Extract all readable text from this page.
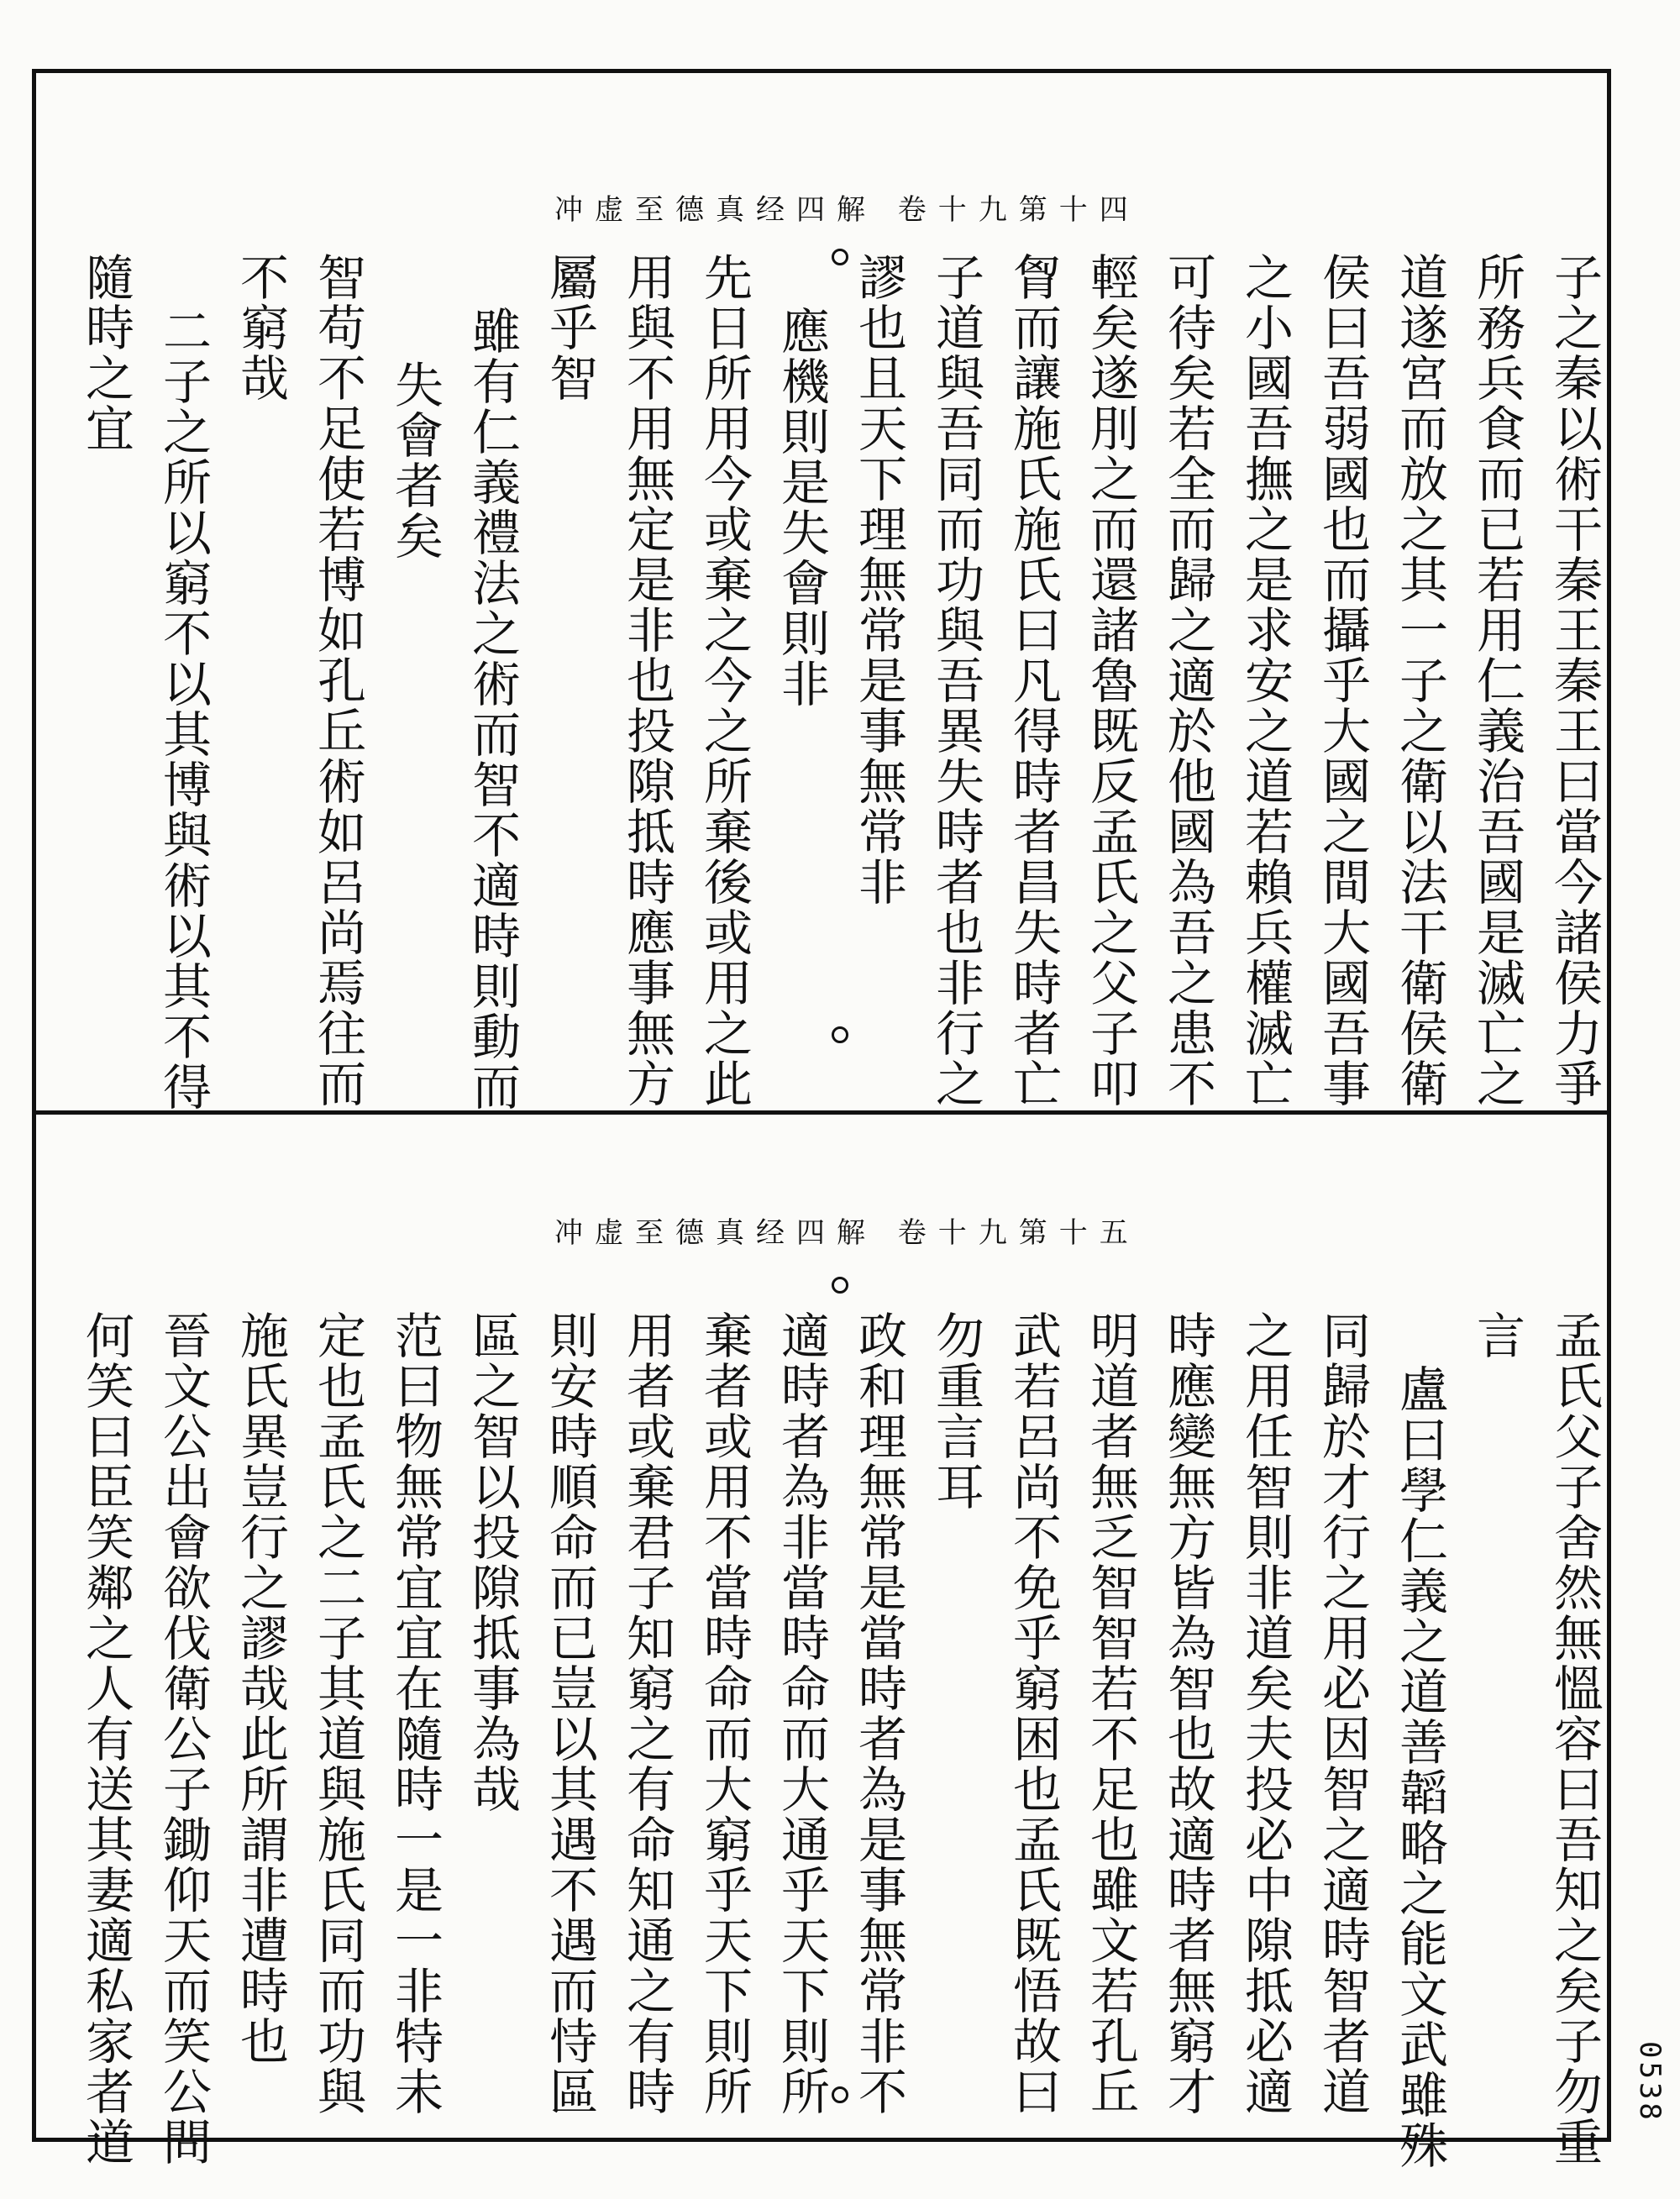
冲虚至德真经四解 卷十九第十四
子之秦以術干秦王秦王曰當今諸侯力爭
所務兵食而已若用仁義治吾國是滅亡之
道遂宮而放之其一子之衛以法干衛侯衛
侯曰吾弱國也而攝乎大國之間大國吾事
之小國吾撫之是求安之道若賴兵權滅亡
可待矣若全而歸之適於他國為吾之患不
輕矣遂刖之而還諸魯既反孟氏之父子叩
胷而讓施氏施氏曰凡得時者昌失時者亡
子道與吾同而功與吾異失時者也非行之
謬也且天下理無常是事無常非
應機則是失會則非
先日所用今或棄之今之所棄後或用之此
用與不用無定是非也投隙抵時應事無方
屬乎智
雖有仁義禮法之術而智不適時則動而
失會者矣
智苟不足使若博如孔丘術如呂尚焉往而
不窮哉
二子之所以窮不以其博與術以其不得
隨時之宜
冲虚至德真经四解 卷十九第十五
孟氏父子舍然無慍容曰吾知之矣子勿重
言
盧曰學仁義之道善韜略之能文武雖殊
同歸於才行之用必因智之適時智者道
之用任智則非道矣夫投必中隙抵必適
時應變無方皆為智也故適時者無窮才
明道者無乏智智若不足也雖文若孔丘
武若呂尚不免乎窮困也孟氏既悟故曰
勿重言耳
政和理無常是當時者為是事無常非不
適時者為非當時命而大通乎天下則所
棄者或用不當時命而大窮乎天下則所
用者或棄君子知窮之有命知通之有時
則安時順命而已豈以其遇不遇而恃區
區之智以投隙抵事為哉
范曰物無常宜宜在隨時一是一非特未
定也孟氏之二子其道與施氏同而功與
施氏異豈行之謬哉此所謂非遭時也
晉文公出會欲伐衛公子鋤仰天而笑公問
何笑曰臣笑鄰之人有送其妻適私家者道	0538
